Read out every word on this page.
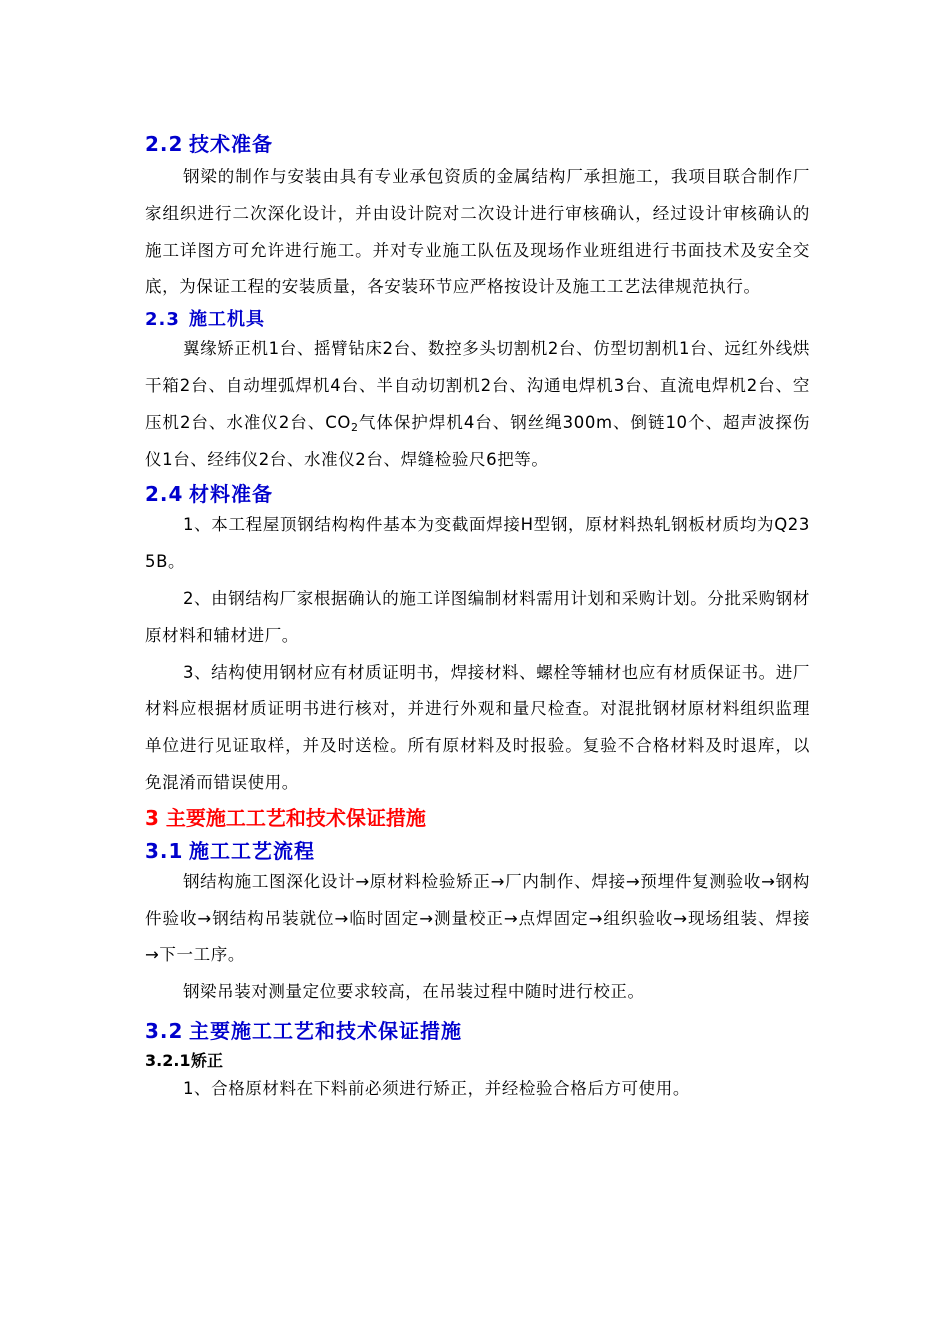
2.2 技术准备

钢梁的制作与安装由具有专业承包资质的金属结构厂承担施工，我项目联合制作厂家组织进行二次深化设计，并由设计院对二次设计进行审核确认，经过设计审核确认的施工详图方可允许进行施工。并对专业施工队伍及现场作业班组进行书面技术及安全交底，为保证工程的安装质量，各安装环节应严格按设计及施工工艺法律规范执行。

2.3 施工机具

翼缘矫正机1台、摇臂钻床2台、数控多头切割机2台、仿型切割机1台、远红外线烘干箱2台、自动埋弧焊机4台、半自动切割机2台、沟通电焊机3台、直流电焊机2台、空压机2台、水准仪2台、$CO_2$气体保护焊机4台、钢丝绳300m、倒链10个、超声波探伤仪1台、经纬仪2台、水准仪2台、焊缝检验尺6把等。

2.4 材料准备

1、本工程屋顶钢结构构件基本为变截面焊接H型钢，原材料热轧钢板材质均为Q235B。

2、由钢结构厂家根据确认的施工详图编制材料需用计划和采购计划。分批采购钢材原材料和辅材进厂。

3、结构使用钢材应有材质证明书，焊接材料、螺栓等辅材也应有材质保证书。进厂材料应根据材质证明书进行核对，并进行外观和量尺检查。对混批钢材原材料组织监理单位进行见证取样，并及时送检。所有原材料及时报验。复验不合格材料及时退库，以免混淆而错误使用。

3 主要施工工艺和技术保证措施
3.1 施工工艺流程

钢结构施工图深化设计→原材料检验矫正→厂内制作、焊接→预埋件复测验收→钢构件验收→钢结构吊装就位→临时固定→测量校正→点焊固定→组织验收→现场组装、焊接→下一工序。

钢梁吊装对测量定位要求较高，在吊装过程中随时进行校正。

3.2 主要施工工艺和技术保证措施
3.2.1矫正

1、合格原材料在下料前必须进行矫正，并经检验合格后方可使用。
